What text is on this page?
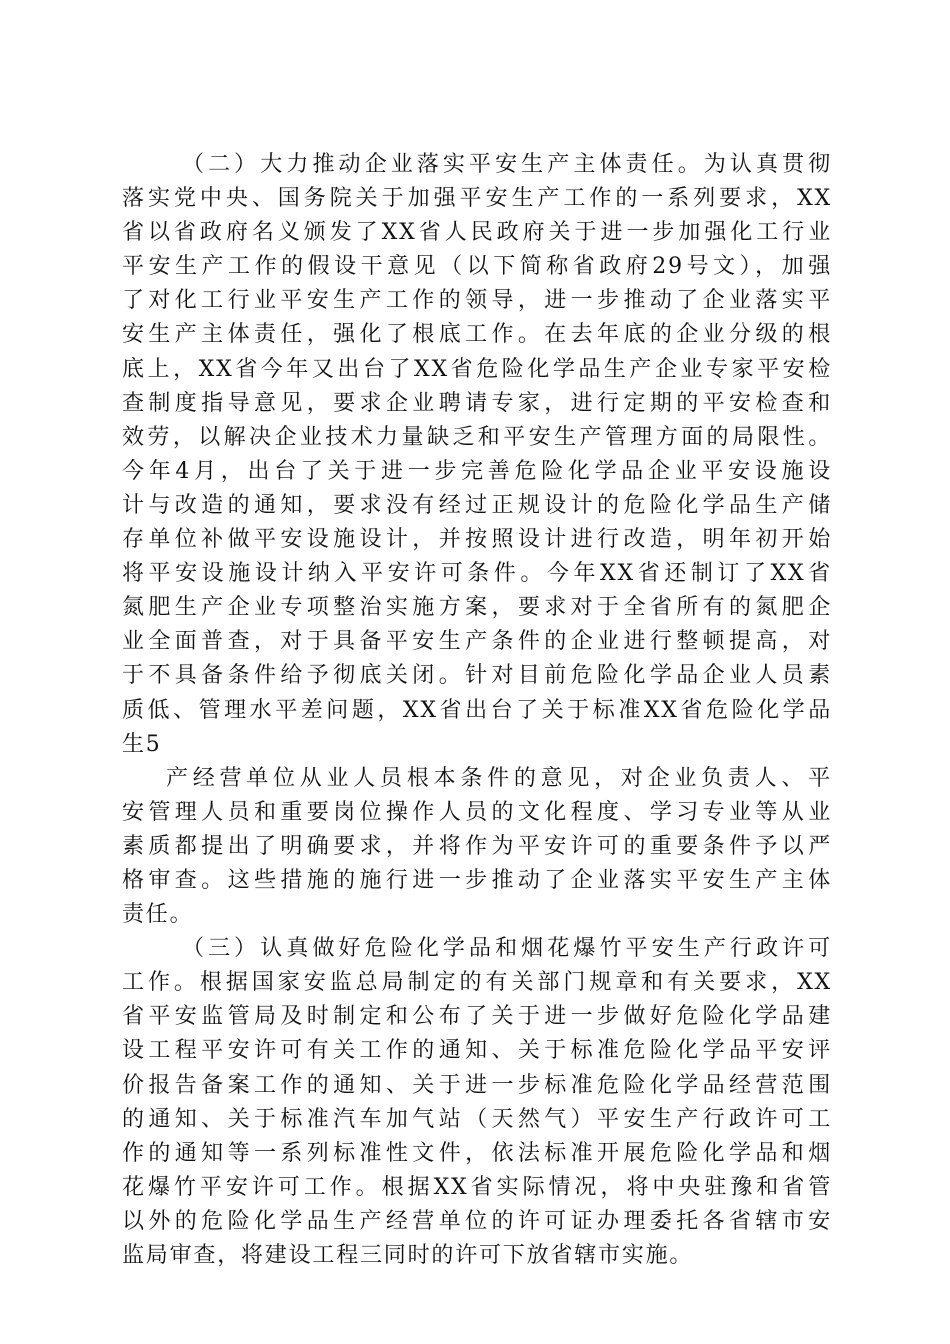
（二）大力推动企业落实平安生产主体责任。为认真贯彻
落实党中央、国务院关于加强平安生产工作的一系列要求，XX
省以省政府名义颁发了XX省人民政府关于进一步加强化工行业
平安生产工作的假设干意见（以下简称省政府29号文），加强
了对化工行业平安生产工作的领导，进一步推动了企业落实平
安生产主体责任，强化了根底工作。在去年底的企业分级的根
底上，XX省今年又出台了XX省危险化学品生产企业专家平安检
查制度指导意见，要求企业聘请专家，进行定期的平安检查和
效劳，以解决企业技术力量缺乏和平安生产管理方面的局限性。
今年4月，出台了关于进一步完善危险化学品企业平安设施设
计与改造的通知，要求没有经过正规设计的危险化学品生产储
存单位补做平安设施设计，并按照设计进行改造，明年初开始
将平安设施设计纳入平安许可条件。今年XX省还制订了XX省
氮肥生产企业专项整治实施方案，要求对于全省所有的氮肥企
业全面普查，对于具备平安生产条件的企业进行整顿提高，对
于不具备条件给予彻底关闭。针对目前危险化学品企业人员素
质低、管理水平差问题，XX省出台了关于标准XX省危险化学品
生5
产经营单位从业人员根本条件的意见，对企业负责人、平
安管理人员和重要岗位操作人员的文化程度、学习专业等从业
素质都提出了明确要求，并将作为平安许可的重要条件予以严
格审查。这些措施的施行进一步推动了企业落实平安生产主体
责任。
（三）认真做好危险化学品和烟花爆竹平安生产行政许可
工作。根据国家安监总局制定的有关部门规章和有关要求，XX
省平安监管局及时制定和公布了关于进一步做好危险化学品建
设工程平安许可有关工作的通知、关于标准危险化学品平安评
价报告备案工作的通知、关于进一步标准危险化学品经营范围
的通知、关于标准汽车加气站（天然气）平安生产行政许可工
作的通知等一系列标准性文件，依法标准开展危险化学品和烟
花爆竹平安许可工作。根据XX省实际情况，将中央驻豫和省管
以外的危险化学品生产经营单位的许可证办理委托各省辖市安
监局审查，将建设工程三同时的许可下放省辖市实施。
